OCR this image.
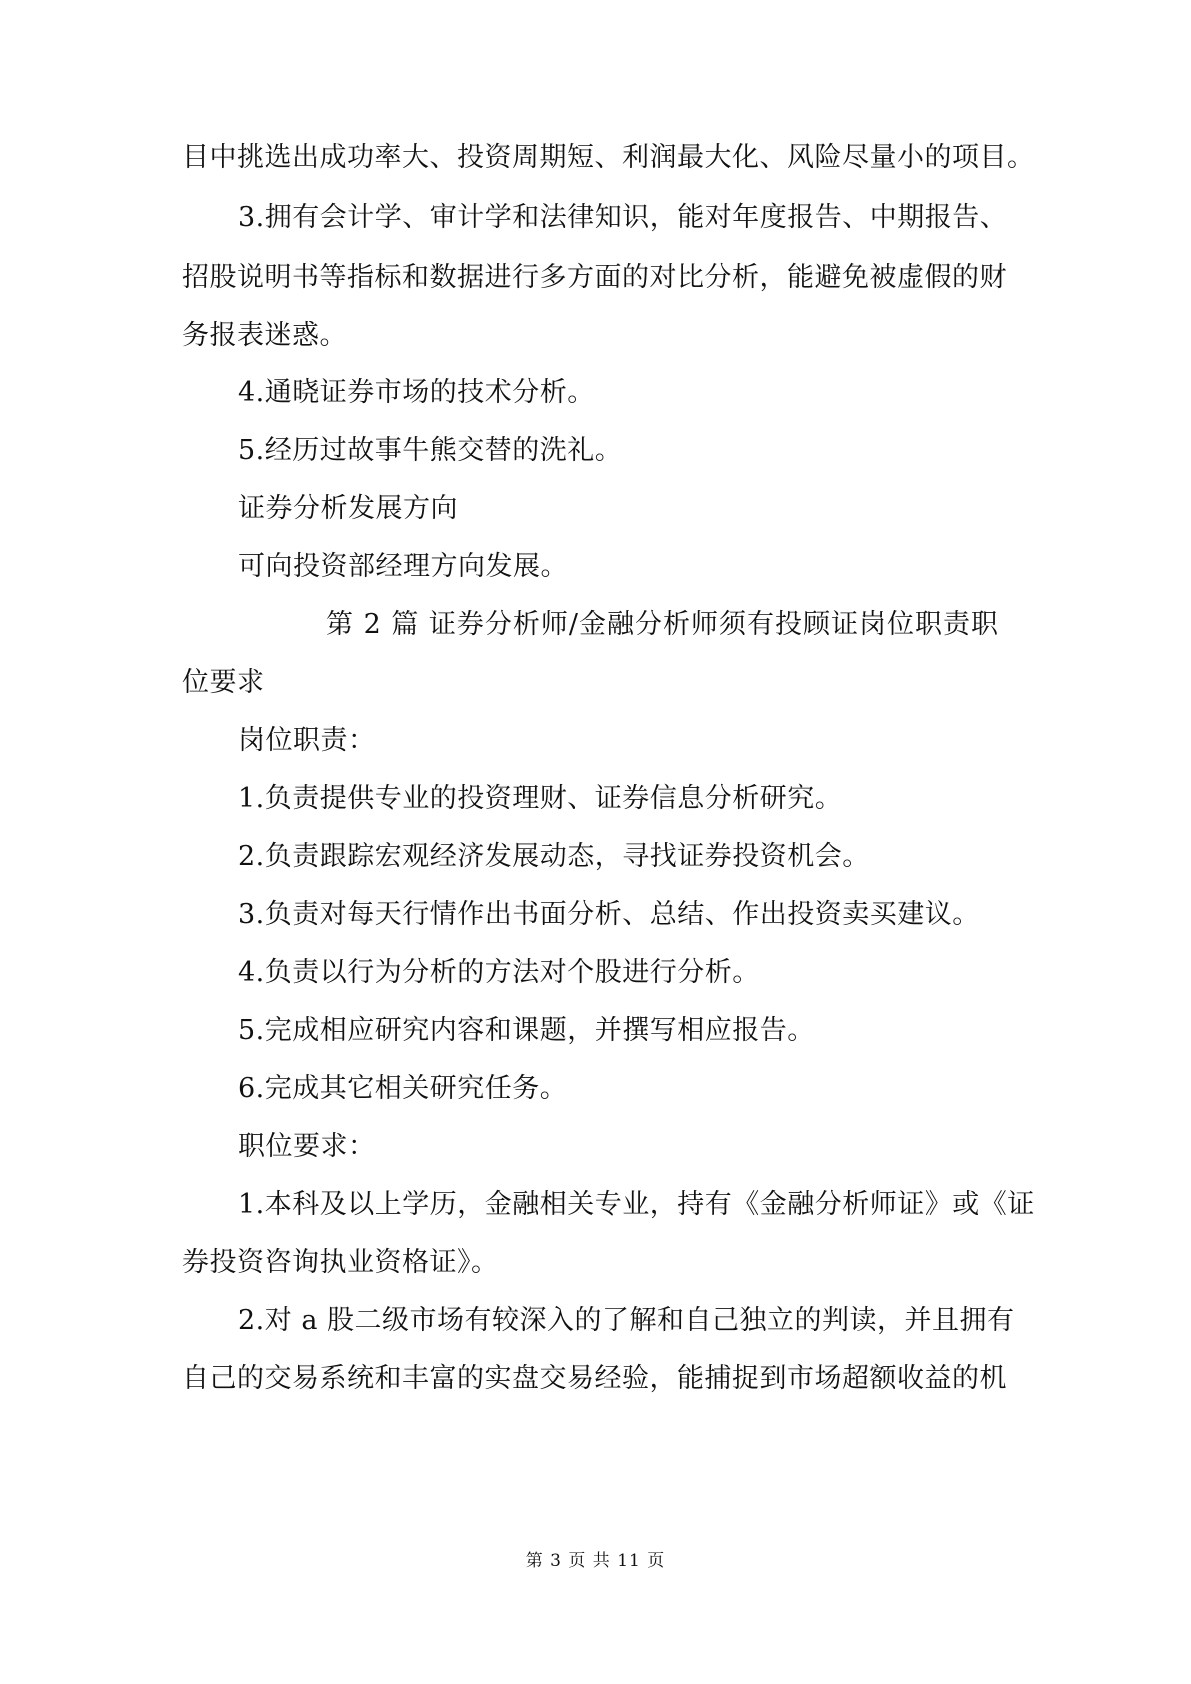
目中挑选出成功率大、投资周期短、利润最大化、风险尽量小的项目。
3.拥有会计学、审计学和法律知识，能对年度报告、中期报告、
招股说明书等指标和数据进行多方面的对比分析，能避免被虚假的财
务报表迷惑。
4.通晓证券市场的技术分析。
5.经历过故事牛熊交替的洗礼。
证券分析发展方向
可向投资部经理方向发展。
第 2 篇 证券分析师/金融分析师须有投顾证岗位职责职
位要求
岗位职责：
1.负责提供专业的投资理财、证券信息分析研究。
2.负责跟踪宏观经济发展动态，寻找证券投资机会。
3.负责对每天行情作出书面分析、总结、作出投资卖买建议。
4.负责以行为分析的方法对个股进行分析。
5.完成相应研究内容和课题，并撰写相应报告。
6.完成其它相关研究任务。
职位要求：
1.本科及以上学历，金融相关专业，持有《金融分析师证》或《证
券投资咨询执业资格证》。
2.对 a 股二级市场有较深入的了解和自己独立的判读，并且拥有
自己的交易系统和丰富的实盘交易经验，能捕捉到市场超额收益的机
第 3 页 共 11 页
